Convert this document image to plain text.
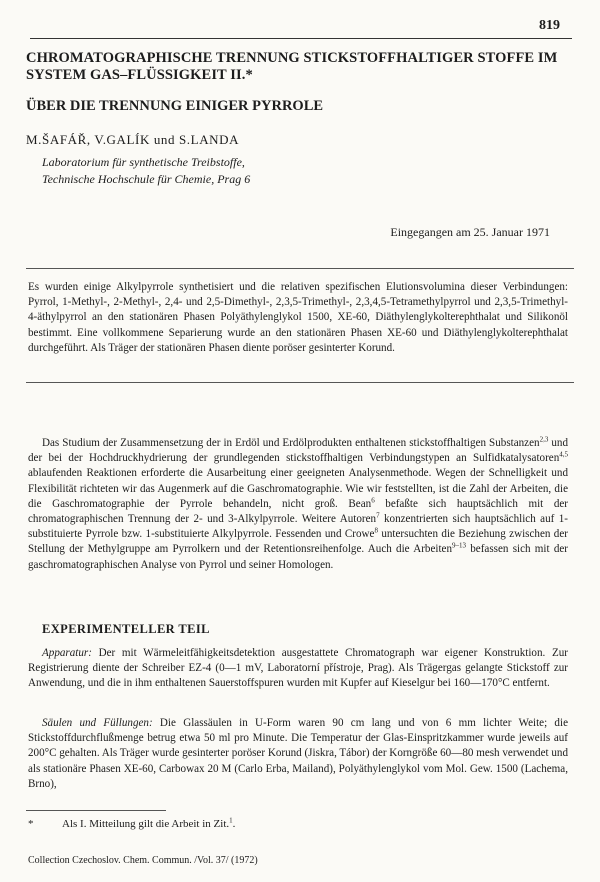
819
CHROMATOGRAPHISCHE TRENNUNG STICKSTOFFHALTIGER STOFFE IM SYSTEM GAS–FLÜSSIGKEIT II.*
ÜBER DIE TRENNUNG EINIGER PYRROLE
M.ŠAFÁŘ, V.GALÍK und S.LANDA
Laboratorium für synthetische Treibstoffe,
Technische Hochschule für Chemie, Prag 6
Eingegangen am 25. Januar 1971

Es wurden einige Alkylpyrrole synthetisiert und die relativen spezifischen Elutionsvolumina dieser Verbindungen: Pyrrol, 1-Methyl-, 2-Methyl-, 2,4- und 2,5-Dimethyl-, 2,3,5-Trimethyl-, 2,3,4,5-Tetramethylpyrrol und 2,3,5-Trimethyl-4-äthylpyrrol an den stationären Phasen Polyäthylenglykol 1500, XE-60, Diäthylenglykolterephthalat und Silikonöl bestimmt. Eine vollkommene Separierung wurde an den stationären Phasen XE-60 und Diäthylenglykolterephthalat durchgeführt. Als Träger der stationären Phasen diente poröser gesinterter Korund.

Das Studium der Zusammensetzung der in Erdöl und Erdölprodukten enthaltenen stickstoffhaltigen Substanzen$^{2,3}$ und der bei der Hochdruckhydrierung der grundlegenden stickstoffhaltigen Verbindungstypen an Sulfidkatalysatoren$^{4,5}$ ablaufenden Reaktionen erforderte die Ausarbeitung einer geeigneten Analysenmethode. Wegen der Schnelligkeit und Flexibilität richteten wir das Augenmerk auf die Gaschromatographie. Wie wir feststellten, ist die Zahl der Arbeiten, die die Gaschromatographie der Pyrrole behandeln, nicht groß. Bean$^6$ befaßte sich hauptsächlich mit der chromatographischen Trennung der 2- und 3-Alkylpyrrole. Weitere Autoren$^7$ konzentrierten sich hauptsächlich auf 1-substituierte Pyrrole bzw. 1-substituierte Alkylpyrrole. Fessenden und Crowe$^8$ untersuchten die Beziehung zwischen der Stellung der Methylgruppe am Pyrrolkern und der Retentionsreihenfolge. Auch die Arbeiten$^{9-13}$ befassen sich mit der gaschromatographischen Analyse von Pyrrol und seiner Homologen.

EXPERIMENTELLER TEIL

Apparatur: Der mit Wärmeleitfähigkeitsdetektion ausgestattete Chromatograph war eigener Konstruktion. Zur Registrierung diente der Schreiber EZ-4 (0—1 mV, Laboratorní přístroje, Prag). Als Trägergas gelangte Stickstoff zur Anwendung, und die in ihm enthaltenen Sauerstoffspuren wurden mit Kupfer auf Kieselgur bei 160—170°C entfernt.

Säulen und Füllungen: Die Glassäulen in U-Form waren 90 cm lang und von 6 mm lichter Weite; die Stickstoffdurchflußmenge betrug etwa 50 ml pro Minute. Die Temperatur der Glas-Einspritzkammer wurde jeweils auf 200°C gehalten. Als Träger wurde gesinterter poröser Korund (Jiskra, Tábor) der Korngröße 60—80 mesh verwendet und als stationäre Phasen XE-60, Carbowax 20 M (Carlo Erba, Mailand), Polyäthylenglykol vom Mol. Gew. 1500 (Lachema, Brno),

*	Als I. Mitteilung gilt die Arbeit in Zit.$^1$.
Collection Czechoslov. Chem. Commun. /Vol. 37/ (1972)
